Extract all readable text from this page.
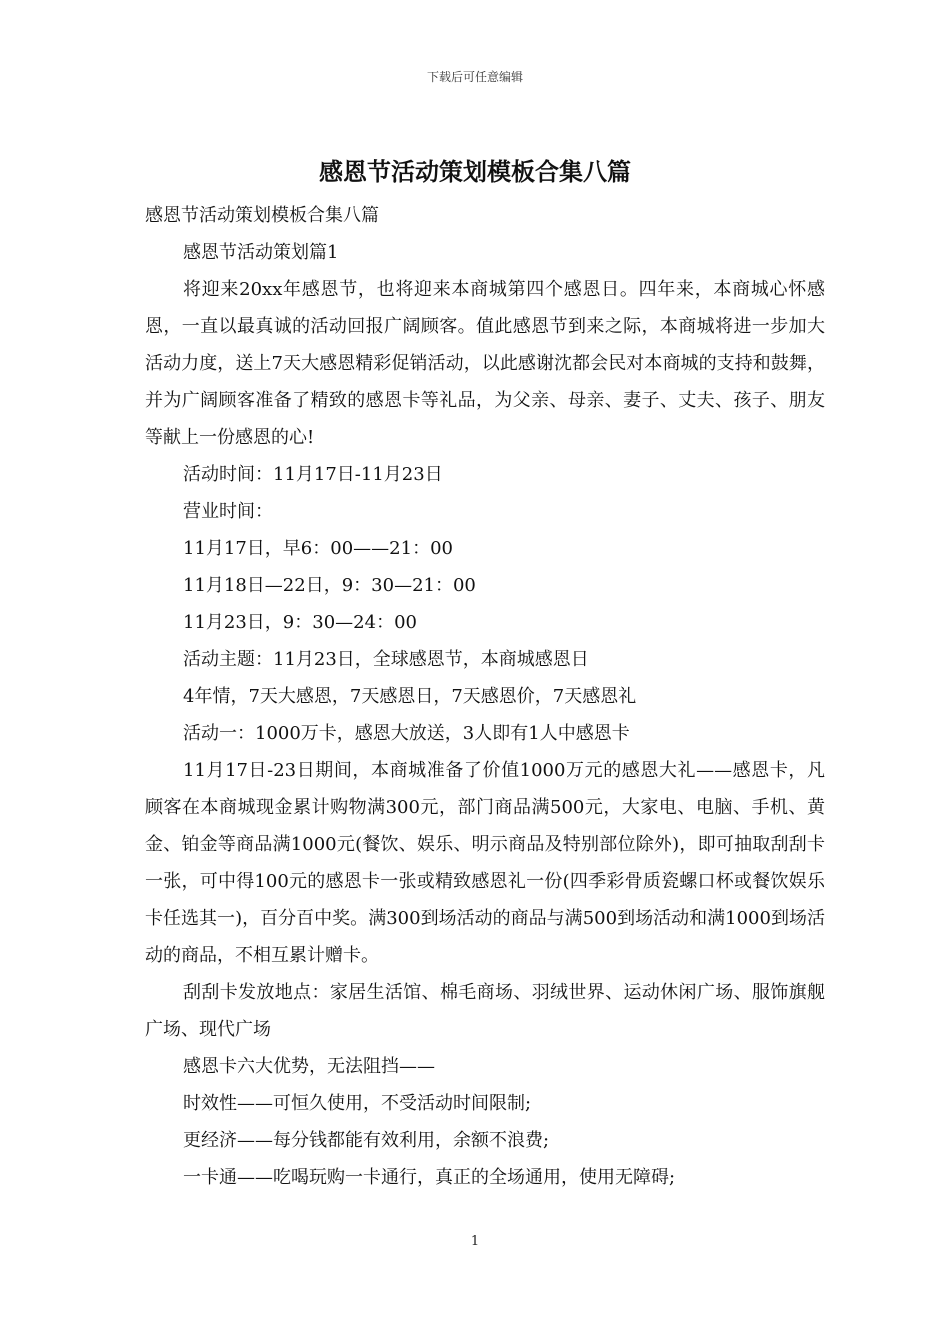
下载后可任意编辑
感恩节活动策划模板合集八篇

感恩节活动策划模板合集八篇

感恩节活动策划篇1

将迎来20xx年感恩节，也将迎来本商城第四个感恩日。四年来，本商城心怀感恩，一直以最真诚的活动回报广阔顾客。值此感恩节到来之际，本商城将进一步加大活动力度，送上7天大感恩精彩促销活动，以此感谢沈都会民对本商城的支持和鼓舞，并为广阔顾客准备了精致的感恩卡等礼品，为父亲、母亲、妻子、丈夫、孩子、朋友等献上一份感恩的心!

活动时间：11月17日-11月23日

营业时间：

11月17日，早6：00——21：00

11月18日—22日，9：30—21：00

11月23日，9：30—24：00

活动主题：11月23日，全球感恩节，本商城感恩日

4年情，7天大感恩，7天感恩日，7天感恩价，7天感恩礼

活动一：1000万卡，感恩大放送，3人即有1人中感恩卡

11月17日-23日期间，本商城准备了价值1000万元的感恩大礼——感恩卡，凡顾客在本商城现金累计购物满300元，部门商品满500元，大家电、电脑、手机、黄金、铂金等商品满1000元(餐饮、娱乐、明示商品及特别部位除外)，即可抽取刮刮卡一张，可中得100元的感恩卡一张或精致感恩礼一份(四季彩骨质瓷螺口杯或餐饮娱乐卡任选其一)，百分百中奖。满300到场活动的商品与满500到场活动和满1000到场活动的商品，不相互累计赠卡。

刮刮卡发放地点：家居生活馆、棉毛商场、羽绒世界、运动休闲广场、服饰旗舰广场、现代广场

感恩卡六大优势，无法阻挡——

时效性——可恒久使用，不受活动时间限制;

更经济——每分钱都能有效利用，余额不浪费;

一卡通——吃喝玩购一卡通行，真正的全场通用，使用无障碍;

1
